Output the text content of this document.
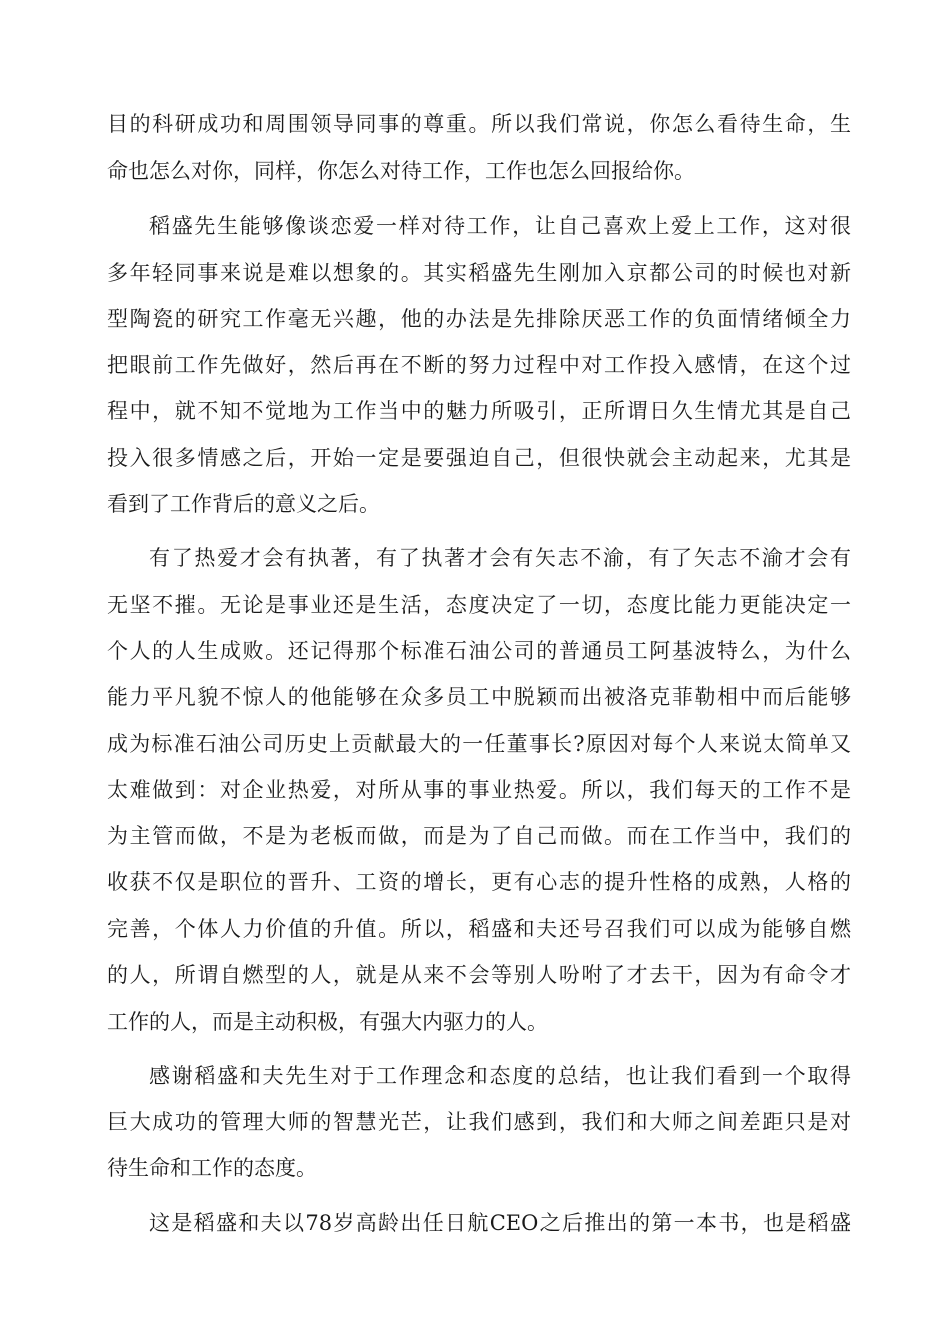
目的科研成功和周围领导同事的尊重。所以我们常说，你怎么看待生命，生
命也怎么对你，同样，你怎么对待工作，工作也怎么回报给你。
稻盛先生能够像谈恋爱一样对待工作，让自己喜欢上爱上工作，这对很
多年轻同事来说是难以想象的。其实稻盛先生刚加入京都公司的时候也对新
型陶瓷的研究工作毫无兴趣，他的办法是先排除厌恶工作的负面情绪倾全力
把眼前工作先做好，然后再在不断的努力过程中对工作投入感情，在这个过
程中，就不知不觉地为工作当中的魅力所吸引，正所谓日久生情尤其是自己
投入很多情感之后，开始一定是要强迫自己，但很快就会主动起来，尤其是
看到了工作背后的意义之后。
有了热爱才会有执著，有了执著才会有矢志不渝，有了矢志不渝才会有
无坚不摧。无论是事业还是生活，态度决定了一切，态度比能力更能决定一
个人的人生成败。还记得那个标准石油公司的普通员工阿基波特么，为什么
能力平凡貌不惊人的他能够在众多员工中脱颖而出被洛克菲勒相中而后能够
成为标准石油公司历史上贡献最大的一任董事长?原因对每个人来说太简单又
太难做到：对企业热爱，对所从事的事业热爱。所以，我们每天的工作不是
为主管而做，不是为老板而做，而是为了自己而做。而在工作当中，我们的
收获不仅是职位的晋升、工资的增长，更有心志的提升性格的成熟，人格的
完善，个体人力价值的升值。所以，稻盛和夫还号召我们可以成为能够自燃
的人，所谓自燃型的人，就是从来不会等别人吩咐了才去干，因为有命令才
工作的人，而是主动积极，有强大内驱力的人。
感谢稻盛和夫先生对于工作理念和态度的总结，也让我们看到一个取得
巨大成功的管理大师的智慧光芒，让我们感到，我们和大师之间差距只是对
待生命和工作的态度。
这是稻盛和夫以78岁高龄出任日航CEO之后推出的第一本书，也是稻盛
